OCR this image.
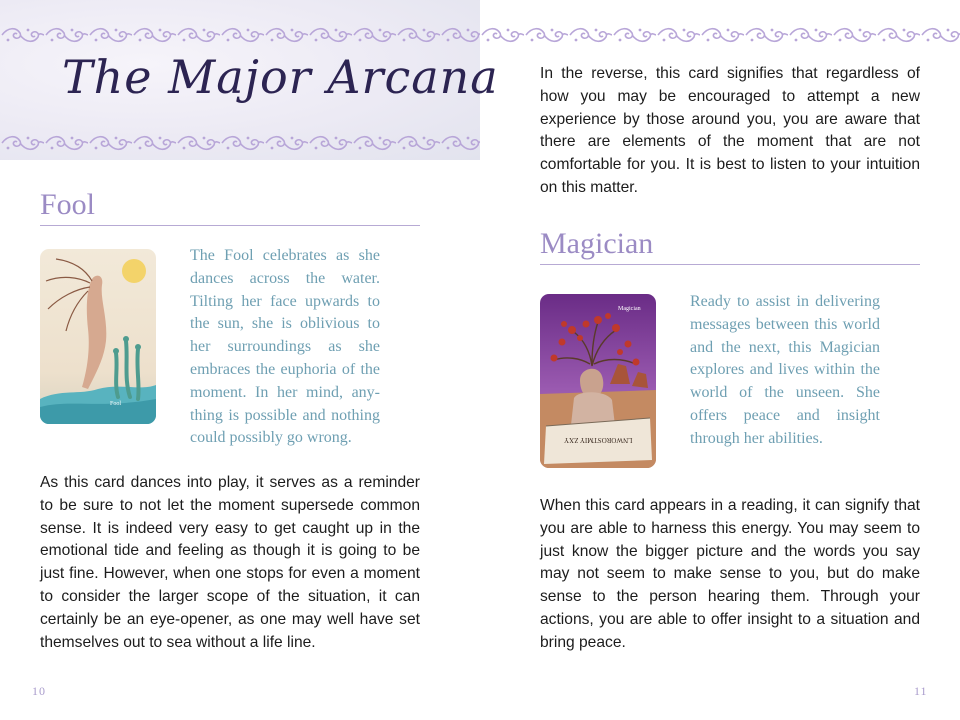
The Major Arcana
Fool
Fool

The Fool celebrates as she dances across the water. Tilting her face upwards to the sun, she is oblivious to her surroundings as she embraces the euphoria of the moment. In her mind, any-thing is possible and nothing could possibly go wrong.

As this card dances into play, it serves as a reminder to be sure to not let the moment supersede common sense. It is indeed very easy to get caught up in the emotional tide and feeling as though it is going to be just fine. However, when one stops for even a moment to consider the larger scope of the situation, it can certainly be an eye-opener, as one may well have set themselves out to sea without a life line.

10

In the reverse, this card signifies that regardless of how you may be encouraged to attempt a new experience by those around you, you are aware that there are elements of the moment that are not comfortable for you. It is best to listen to your intuition on this matter.

Magician
Magician
LNWOROSTMIY ZXY

Ready to assist in delivering messages between this world and the next, this Magician explores and lives within the world of the unseen. She offers peace and insight through her abilities.

When this card appears in a reading, it can signify that you are able to harness this energy. You may seem to just know the bigger picture and the words you say may not seem to make sense to you, but do make sense to the person hearing them. Through your actions, you are able to offer insight to a situation and bring peace.

11
